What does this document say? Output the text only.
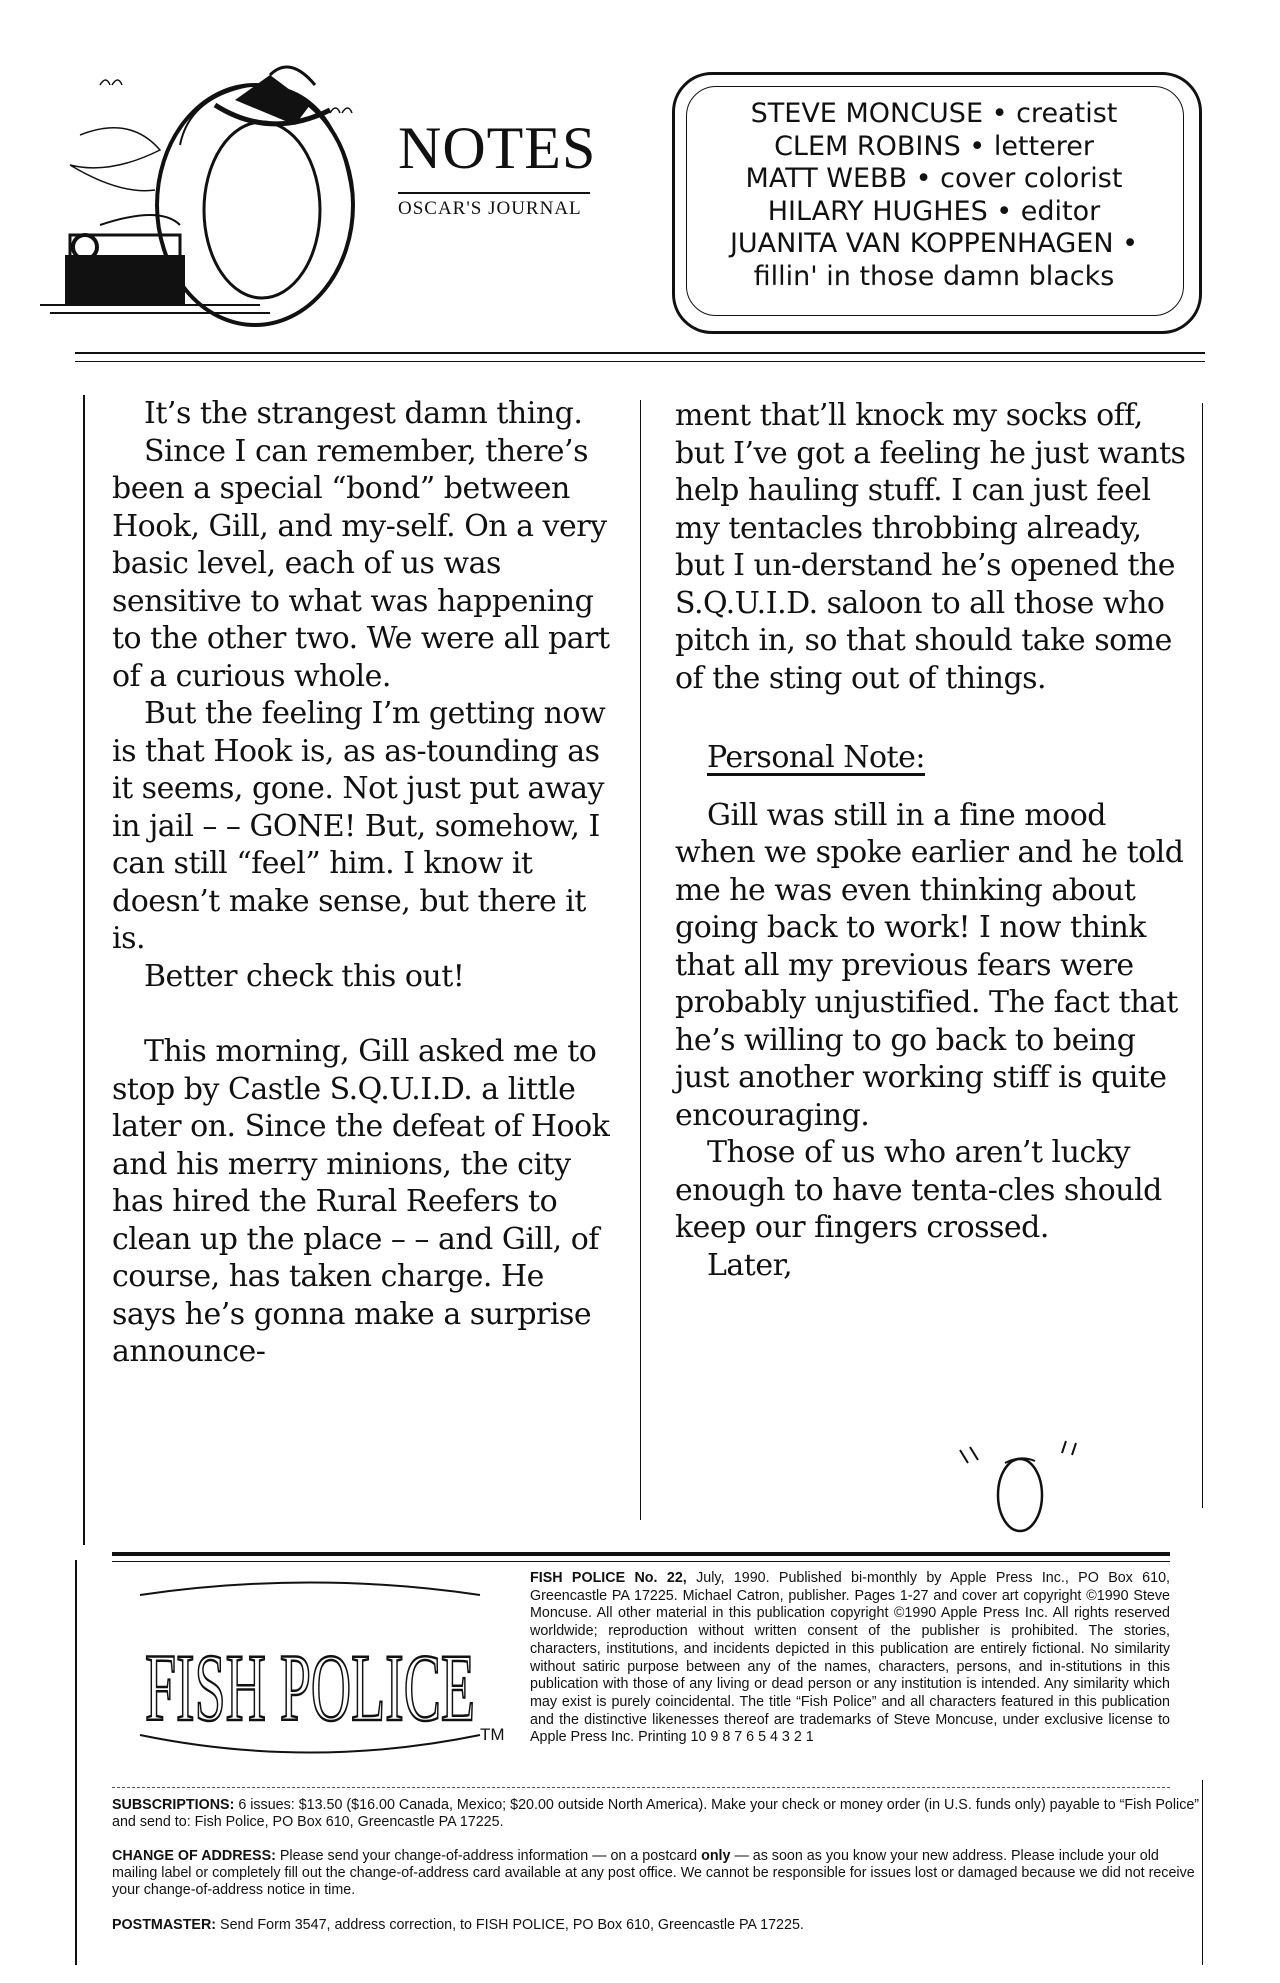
NOTES
OSCAR'S JOURNAL
STEVE MONCUSE • creatist
CLEM ROBINS • letterer
MATT WEBB • cover colorist
HILARY HUGHES • editor
JUANITA VAN KOPPENHAGEN •
fillin' in those damn blacks

It’s the strangest damn thing.

Since I can remember, there’s been a special “bond” between Hook, Gill, and my-self. On a very basic level, each of us was sensitive to what was happening to the other two. We were all part of a curious whole.

But the feeling I’m getting now is that Hook is, as as-tounding as it seems, gone. Not just put away in jail – – GONE! But, somehow, I can still “feel” him. I know it doesn’t make sense, but there it is.

Better check this out!

This morning, Gill asked me to stop by Castle S.Q.U.I.D. a little later on. Since the defeat of Hook and his merry minions, the city has hired the Rural Reefers to clean up the place – – and Gill, of course, has taken charge. He says he’s gonna make a surprise announce-

ment that’ll knock my socks off, but I’ve got a feeling he just wants help hauling stuff. I can just feel my tentacles throbbing already, but I un-derstand he’s opened the S.Q.U.I.D. saloon to all those who pitch in, so that should take some of the sting out of things.

Personal Note:

Gill was still in a fine mood when we spoke earlier and he told me he was even thinking about going back to work! I now think that all my previous fears were probably unjustified. The fact that he’s willing to go back to being just another working stiff is quite encouraging.

Those of us who aren’t lucky enough to have tenta-cles should keep our fingers crossed.

Later,

FISH POLICE TM
FISH POLICE No. 22, July, 1990. Published bi-monthly by Apple Press Inc., PO Box 610, Greencastle PA 17225. Michael Catron, publisher. Pages 1-27 and cover art copyright ©1990 Steve Moncuse. All other material in this publication copyright ©1990 Apple Press Inc. All rights reserved worldwide; reproduction without written consent of the publisher is prohibited. The stories, characters, institutions, and incidents depicted in this publication are entirely fictional. No similarity without satiric purpose between any of the names, characters, persons, and in-stitutions in this publication with those of any living or dead person or any institution is intended. Any similarity which may exist is purely coincidental. The title “Fish Police” and all characters featured in this publication and the distinctive likenesses thereof are trademarks of Steve Moncuse, under exclusive license to Apple Press Inc. Printing 10 9 8 7 6 5 4 3 2 1
SUBSCRIPTIONS: 6 issues: $13.50 ($16.00 Canada, Mexico; $20.00 outside North America). Make your check or money order (in U.S. funds only) payable to “Fish Police” and send to: Fish Police, PO Box 610, Greencastle PA 17225.
CHANGE OF ADDRESS: Please send your change-of-address information — on a postcard only — as soon as you know your new address. Please include your old mailing label or completely fill out the change-of-address card available at any post office. We cannot be responsible for issues lost or damaged because we did not receive your change-of-address notice in time.
POSTMASTER: Send Form 3547, address correction, to FISH POLICE, PO Box 610, Greencastle PA 17225.
